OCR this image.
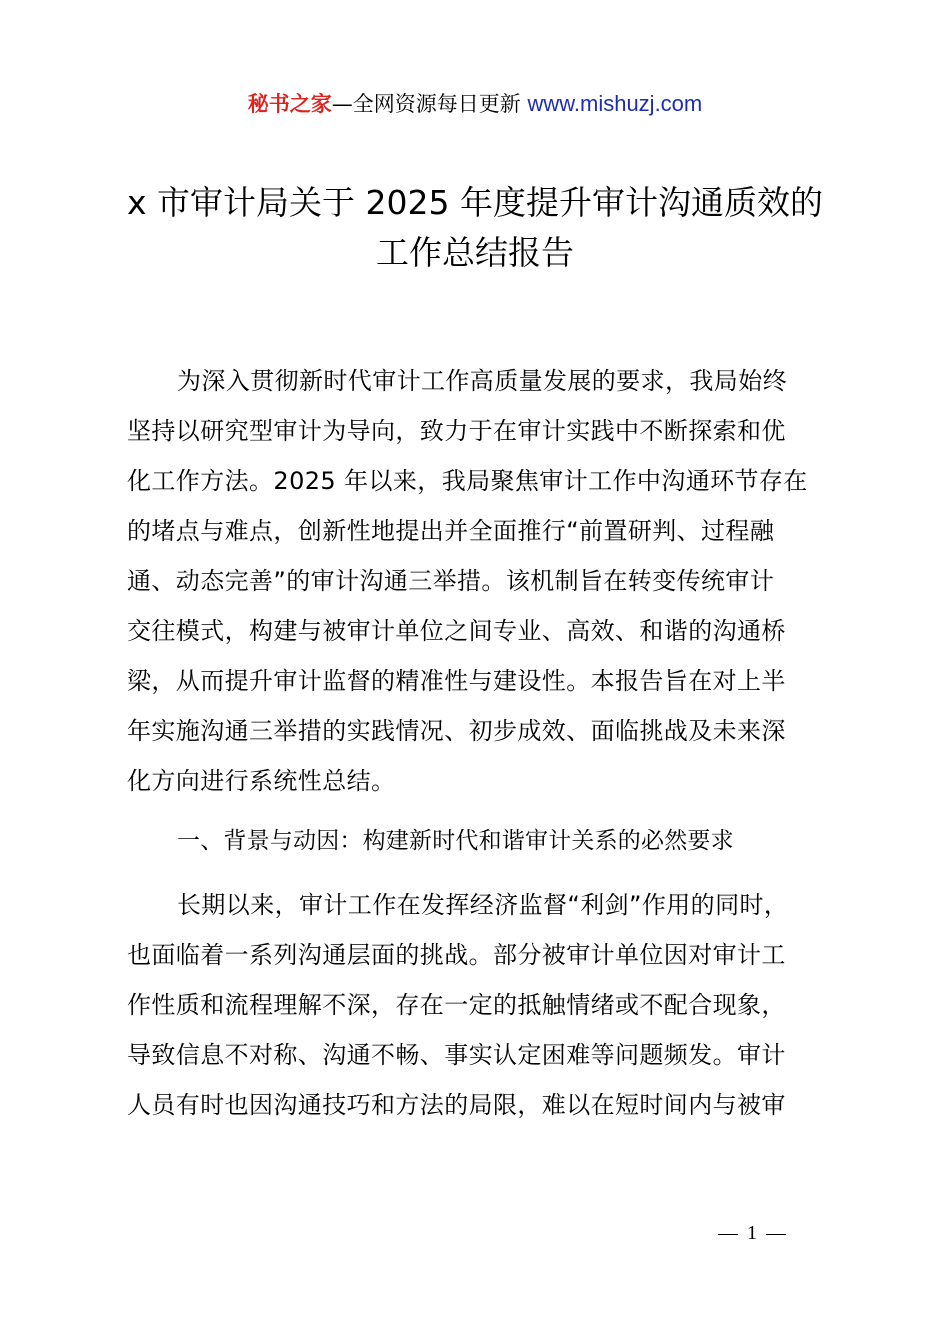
秘书之家—全网资源每日更新 www.mishuzj.com
x 市审计局关于 2025 年度提升审计沟通质效的
工作总结报告
为深入贯彻新时代审计工作高质量发展的要求，我局始终
坚持以研究型审计为导向，致力于在审计实践中不断探索和优
化工作方法。2025 年以来，我局聚焦审计工作中沟通环节存在
的堵点与难点，创新性地提出并全面推行“前置研判、过程融
通、动态完善”的审计沟通三举措。该机制旨在转变传统审计
交往模式，构建与被审计单位之间专业、高效、和谐的沟通桥
梁，从而提升审计监督的精准性与建设性。本报告旨在对上半
年实施沟通三举措的实践情况、初步成效、面临挑战及未来深
化方向进行系统性总结。
一、背景与动因：构建新时代和谐审计关系的必然要求
长期以来，审计工作在发挥经济监督“利剑”作用的同时，
也面临着一系列沟通层面的挑战。部分被审计单位因对审计工
作性质和流程理解不深，存在一定的抵触情绪或不配合现象，
导致信息不对称、沟通不畅、事实认定困难等问题频发。审计
人员有时也因沟通技巧和方法的局限，难以在短时间内与被审
— 1 —
